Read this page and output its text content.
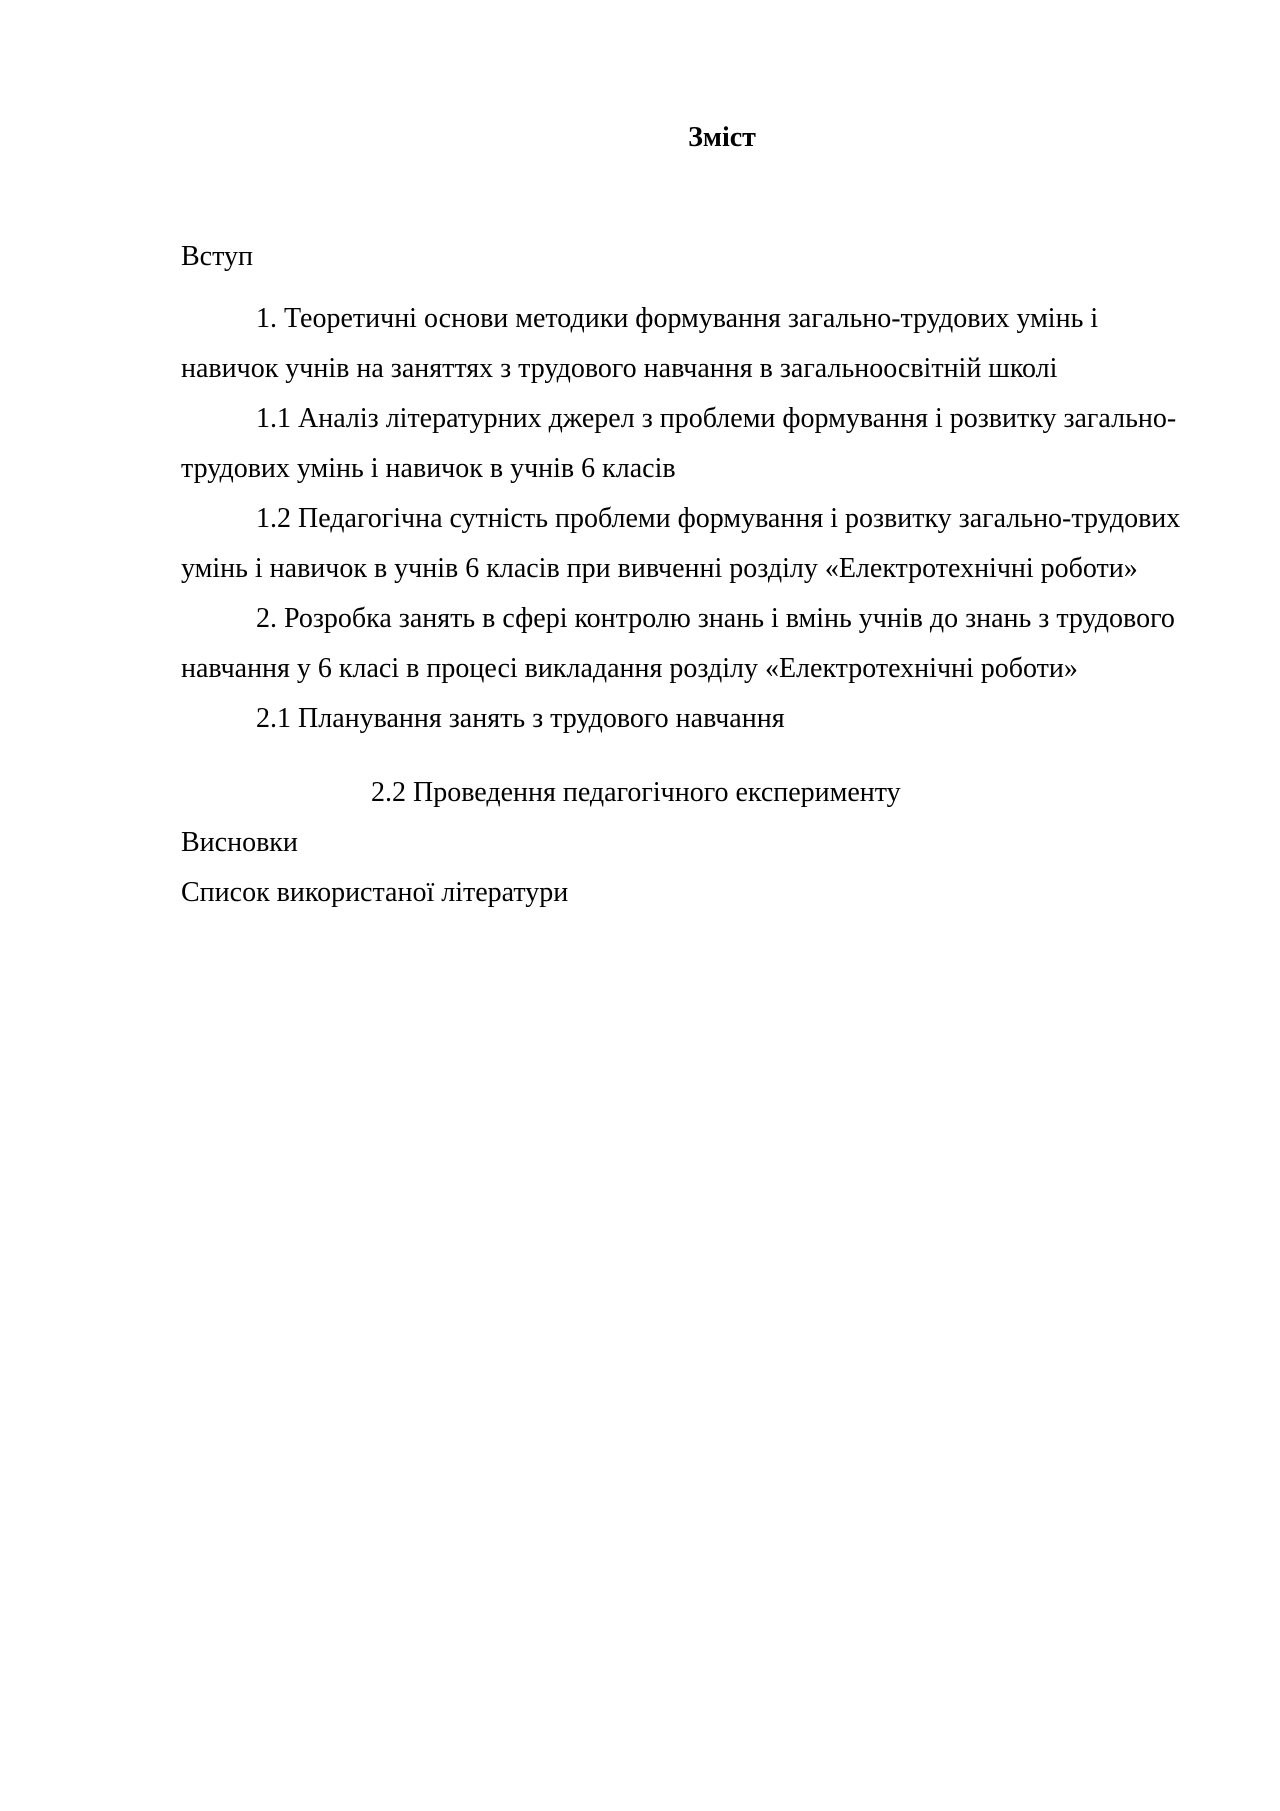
Зміст

Вступ

1. Теоретичні основи методики формування загально-трудових умінь і навичок учнів на заняттях з трудового навчання в загальноосвітній школі

1.1 Аналіз літературних джерел з проблеми формування і розвитку загально-трудових умінь і навичок в учнів 6 класів

1.2 Педагогічна сутність проблеми формування і розвитку загально-трудових умінь і навичок в учнів 6 класів при вивченні розділу «Електротехнічні роботи»

2. Розробка занять в сфері контролю знань і вмінь учнів до знань з трудового навчання у 6 класі в процесі викладання розділу «Електротехнічні роботи»

2.1 Планування занять з трудового навчання

2.2 Проведення педагогічного експерименту

Висновки

Список використаної літератури
